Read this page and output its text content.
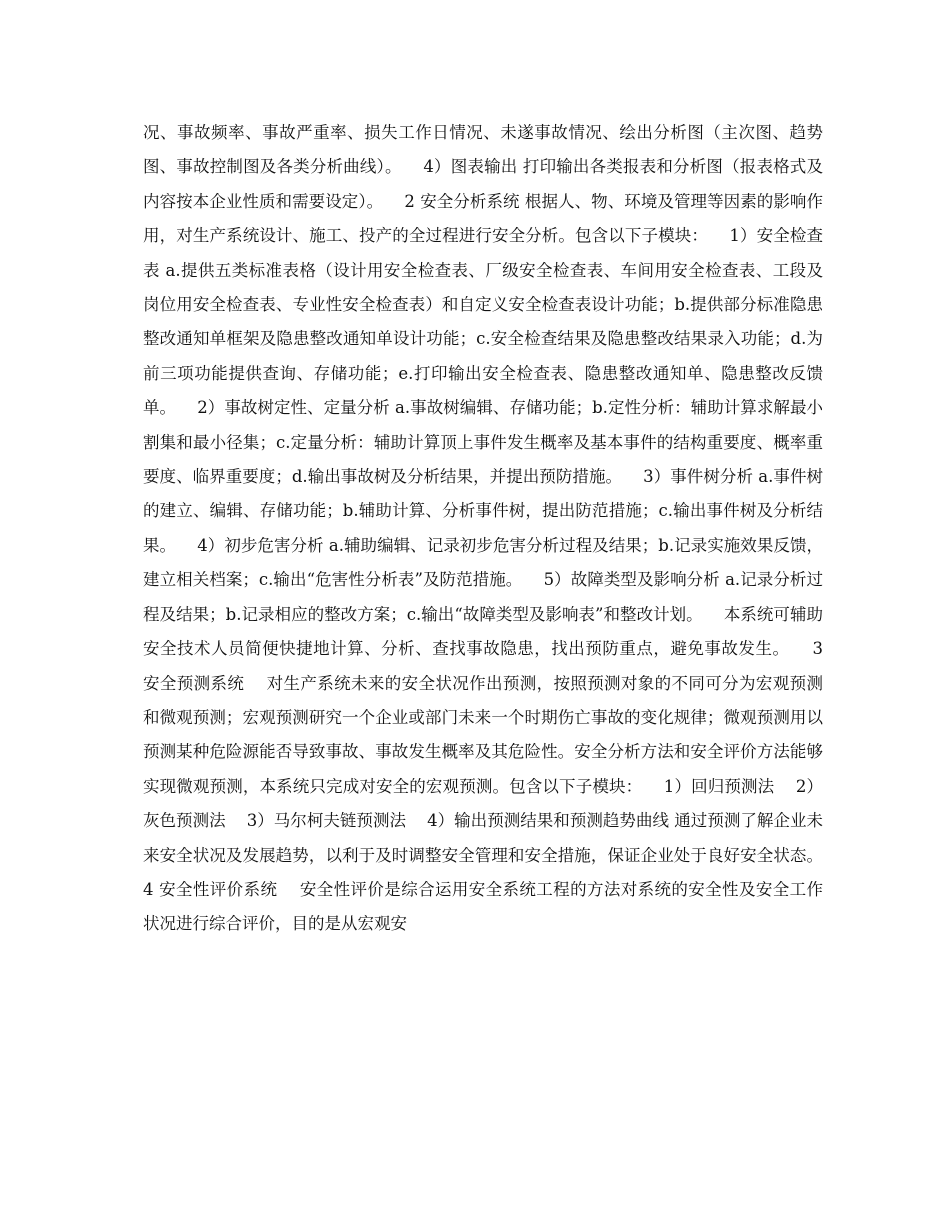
况、事故频率、事故严重率、损失工作日情况、未遂事故情况、绘出分析图（主次图、趋势图、事故控制图及各类分析曲线）。    4）图表输出 打印输出各类报表和分析图（报表格式及内容按本企业性质和需要设定）。    2 安全分析系统 根据人、物、环境及管理等因素的影响作用，对生产系统设计、施工、投产的全过程进行安全分析。包含以下子模块：    1）安全检查表 a.提供五类标准表格（设计用安全检查表、厂级安全检查表、车间用安全检查表、工段及岗位用安全检查表、专业性安全检查表）和自定义安全检查表设计功能；b.提供部分标准隐患整改通知单框架及隐患整改通知单设计功能；c.安全检查结果及隐患整改结果录入功能；d.为前三项功能提供查询、存储功能；e.打印输出安全检查表、隐患整改通知单、隐患整改反馈单。    2）事故树定性、定量分析 a.事故树编辑、存储功能；b.定性分析：辅助计算求解最小割集和最小径集；c.定量分析：辅助计算顶上事件发生概率及基本事件的结构重要度、概率重要度、临界重要度；d.输出事故树及分析结果，并提出预防措施。    3）事件树分析 a.事件树的建立、编辑、存储功能；b.辅助计算、分析事件树，提出防范措施；c.输出事件树及分析结果。    4）初步危害分析 a.辅助编辑、记录初步危害分析过程及结果；b.记录实施效果反馈，建立相关档案；c.输出“危害性分析表”及防范措施。    5）故障类型及影响分析 a.记录分析过程及结果；b.记录相应的整改方案；c.输出“故障类型及影响表”和整改计划。    本系统可辅助安全技术人员简便快捷地计算、分析、查找事故隐患，找出预防重点，避免事故发生。    3 安全预测系统    对生产系统未来的安全状况作出预测，按照预测对象的不同可分为宏观预测和微观预测；宏观预测研究一个企业或部门未来一个时期伤亡事故的变化规律；微观预测用以预测某种危险源能否导致事故、事故发生概率及其危险性。安全分析方法和安全评价方法能够实现微观预测，本系统只完成对安全的宏观预测。包含以下子模块：    1）回归预测法    2）灰色预测法    3）马尔柯夫链预测法    4）输出预测结果和预测趋势曲线 通过预测了解企业未来安全状况及发展趋势，以利于及时调整安全管理和安全措施，保证企业处于良好安全状态。    4 安全性评价系统    安全性评价是综合运用安全系统工程的方法对系统的安全性及安全工作状况进行综合评价，目的是从宏观安
